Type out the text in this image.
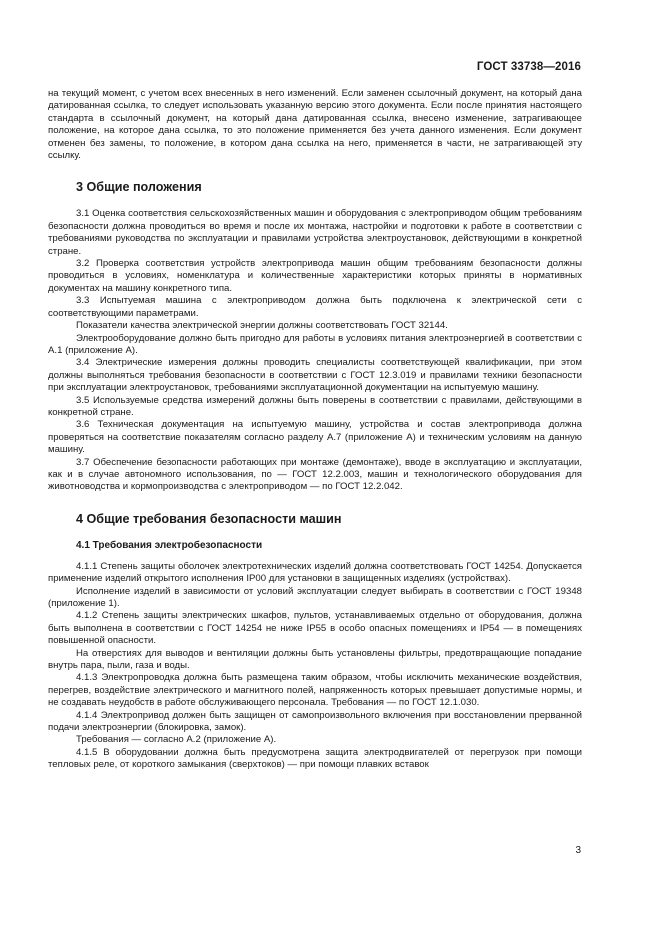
ГОСТ 33738—2016

на текущий момент, с учетом всех внесенных в него изменений. Если заменен ссылочный документ, на который дана датированная ссылка, то следует использовать указанную версию этого документа. Если после принятия настоящего стандарта в ссылочный документ, на который дана датированная ссылка, внесено изменение, затрагивающее положение, на которое дана ссылка, то это положение применяется без учета данного изменения. Если документ отменен без замены, то положение, в котором дана ссылка на него, применяется в части, не затрагивающей эту ссылку.

3 Общие положения

3.1 Оценка соответствия сельскохозяйственных машин и оборудования с электроприводом общим требованиям безопасности должна проводиться во время и после их монтажа, настройки и подготовки к работе в соответствии с требованиями руководства по эксплуатации и правилами устройства электроустановок, действующими в конкретной стране.

3.2 Проверка соответствия устройств электропривода машин общим требованиям безопасности должны проводиться в условиях, номенклатура и количественные характеристики которых приняты в нормативных документах на машину конкретного типа.

3.3 Испытуемая машина с электроприводом должна быть подключена к электрической сети с соответствующими параметрами.

Показатели качества электрической энергии должны соответствовать ГОСТ 32144.

Электрооборудование должно быть пригодно для работы в условиях питания электроэнергией в соответствии с А.1 (приложение А).

3.4 Электрические измерения должны проводить специалисты соответствующей квалификации, при этом должны выполняться требования безопасности в соответствии с ГОСТ 12.3.019 и правилами техники безопасности при эксплуатации электроустановок, требованиями эксплуатационной документации на испытуемую машину.

3.5 Используемые средства измерений должны быть поверены в соответствии с правилами, действующими в конкретной стране.

3.6 Техническая документация на испытуемую машину, устройства и состав электропривода должна проверяться на соответствие показателям согласно разделу А.7 (приложение А) и техническим условиям на данную машину.

3.7 Обеспечение безопасности работающих при монтаже (демонтаже), вводе в эксплуатацию и эксплуатации, как и в случае автономного использования, по — ГОСТ 12.2.003, машин и технологического оборудования для животноводства и кормопроизводства с электроприводом — по ГОСТ 12.2.042.

4 Общие требования безопасности машин
4.1 Требования электробезопасности

4.1.1 Степень защиты оболочек электротехнических изделий должна соответствовать ГОСТ 14254. Допускается применение изделий открытого исполнения IP00 для установки в защищенных изделиях (устройствах).

Исполнение изделий в зависимости от условий эксплуатации следует выбирать в соответствии с ГОСТ 19348 (приложение 1).

4.1.2 Степень защиты электрических шкафов, пультов, устанавливаемых отдельно от оборудования, должна быть выполнена в соответствии с ГОСТ 14254 не ниже IP55 в особо опасных помещениях и IP54 — в помещениях повышенной опасности.

На отверстиях для выводов и вентиляции должны быть установлены фильтры, предотвращающие попадание внутрь пара, пыли, газа и воды.

4.1.3 Электропроводка должна быть размещена таким образом, чтобы исключить механические воздействия, перегрев, воздействие электрического и магнитного полей, напряженность которых превышает допустимые нормы, и не создавать неудобств в работе обслуживающего персонала. Требования — по ГОСТ 12.1.030.

4.1.4 Электропривод должен быть защищен от самопроизвольного включения при восстановлении прерванной подачи электроэнергии (блокировка, замок).

Требования — согласно А.2 (приложение А).

4.1.5 В оборудовании должна быть предусмотрена защита электродвигателей от перегрузок при помощи тепловых реле, от короткого замыкания (сверхтоков) — при помощи плавких вставок

3
